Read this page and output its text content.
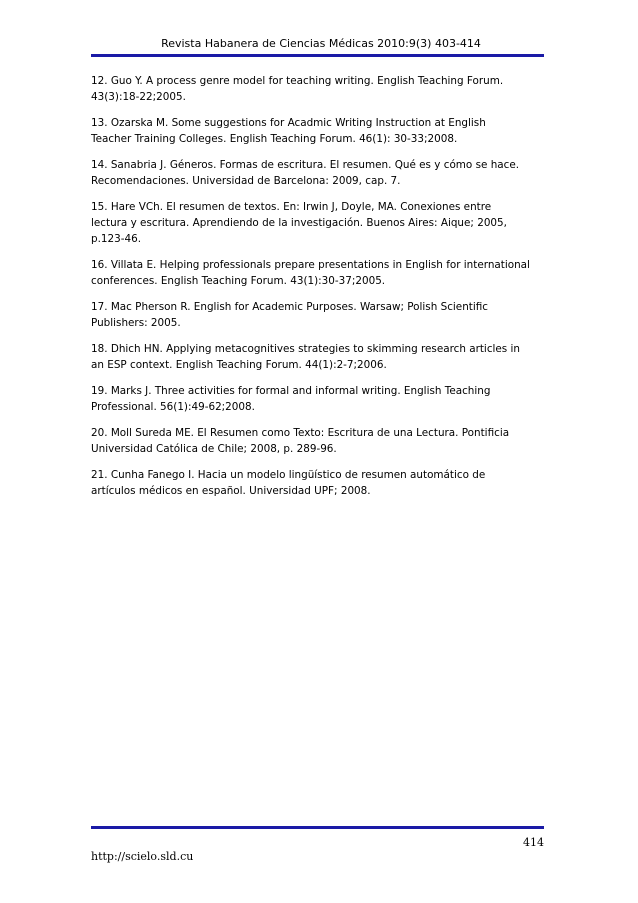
Revista Habanera de Ciencias Médicas 2010:9(3) 403-414
12. Guo Y. A process genre model for teaching writing. English Teaching Forum.
43(3):18-22;2005.
13. Ozarska M. Some suggestions for Acadmic Writing Instruction at English
Teacher Training Colleges. English Teaching Forum. 46(1): 30-33;2008.
14. Sanabria J. Géneros. Formas de escritura. El resumen. Qué es y cómo se hace.
Recomendaciones. Universidad de Barcelona: 2009, cap. 7.
15. Hare VCh. El resumen de textos. En: Irwin J, Doyle, MA. Conexiones entre
lectura y escritura. Aprendiendo de la investigación. Buenos Aires: Aique; 2005,
p.123-46.
16. Villata E. Helping professionals prepare presentations in English for international
conferences. English Teaching Forum. 43(1):30-37;2005.
17. Mac Pherson R. English for Academic Purposes. Warsaw; Polish Scientific
Publishers: 2005.
18. Dhich HN. Applying metacognitives strategies to skimming research articles in
an ESP context. English Teaching Forum. 44(1):2-7;2006.
19. Marks J. Three activities for formal and informal writing. English Teaching
Professional. 56(1):49-62;2008.
20. Moll Sureda ME. El Resumen como Texto: Escritura de una Lectura. Pontificia
Universidad Católica de Chile; 2008, p. 289-96.
21. Cunha Fanego I. Hacia un modelo lingüístico de resumen automático de
artículos médicos en español. Universidad UPF; 2008.
414
http://scielo.sld.cu
